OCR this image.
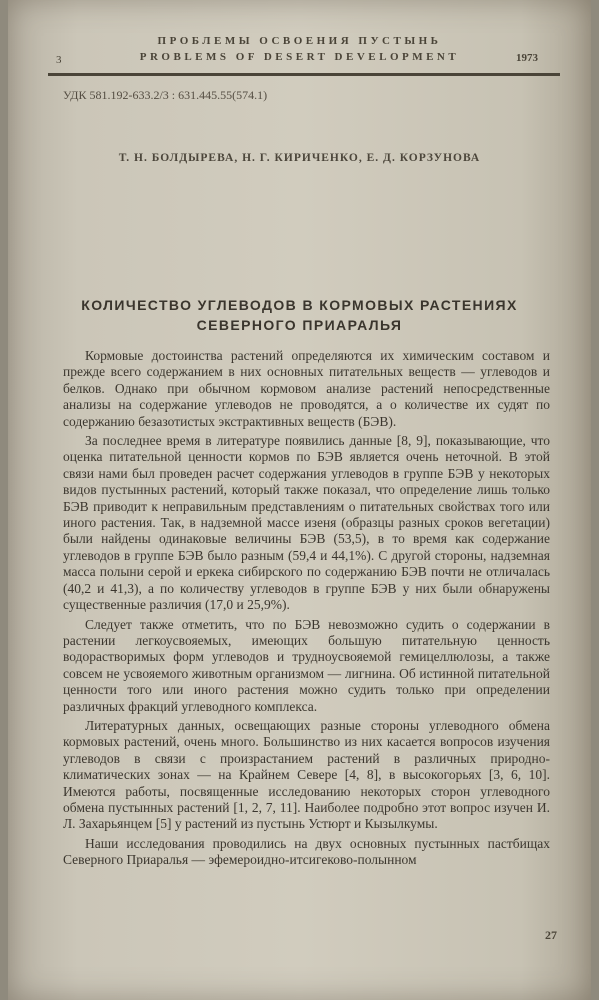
ПРОБЛЕМЫ ОСВОЕНИЯ ПУСТЫНЬ
3	PROBLEMS OF DESERT DEVELOPMENT	1973
УДК 581.192-633.2/3 : 631.445.55(574.1)
Т. Н. БОЛДЫРЕВА, Н. Г. КИРИЧЕНКО, Е. Д. КОРЗУНОВА
КОЛИЧЕСТВО УГЛЕВОДОВ В КОРМОВЫХ РАСТЕНИЯХ
СЕВЕРНОГО ПРИАРАЛЬЯ

Кормовые достоинства растений определяются их химическим составом и прежде всего содержанием в них основных питательных веществ — углеводов и белков. Однако при обычном кормовом анализе растений непосредственные анализы на содержание углеводов не проводятся, а о количестве их судят по содержанию безазотистых экстрактивных веществ (БЭВ).

За последнее время в литературе появились данные [8, 9], показывающие, что оценка питательной ценности кормов по БЭВ является очень неточной. В этой связи нами был проведен расчет содержания углеводов в группе БЭВ у некоторых видов пустынных растений, который также показал, что определение лишь только БЭВ приводит к неправильным представлениям о питательных свойствах того или иного растения. Так, в надземной массе изеня (образцы разных сроков вегетации) были найдены одинаковые величины БЭВ (53,5), в то время как содержание углеводов в группе БЭВ было разным (59,4 и 44,1%). С другой стороны, надземная масса полыни серой и еркека сибирского по содержанию БЭВ почти не отличалась (40,2 и 41,3), а по количеству углеводов в группе БЭВ у них были обнаружены существенные различия (17,0 и 25,9%).

Следует также отметить, что по БЭВ невозможно судить о содержании в растении легкоусвояемых, имеющих большую питательную ценность водорастворимых форм углеводов и трудноусвояемой гемицеллюлозы, а также совсем не усвояемого животным организмом — лигнина. Об истинной питательной ценности того или иного растения можно судить только при определении различных фракций углеводного комплекса.

Литературных данных, освещающих разные стороны углеводного обмена кормовых растений, очень много. Большинство из них касается вопросов изучения углеводов в связи с произрастанием растений в различных природно-климатических зонах — на Крайнем Севере [4, 8], в высокогорьях [3, 6, 10]. Имеются работы, посвященные исследованию некоторых сторон углеводного обмена пустынных растений [1, 2, 7, 11]. Наиболее подробно этот вопрос изучен И. Л. Захарьянцем [5] у растений из пустынь Устюрт и Кызылкумы.

Наши исследования проводились на двух основных пустынных пастбищах Северного Приаралья — эфемероидно-итсигеково-полынном

27
